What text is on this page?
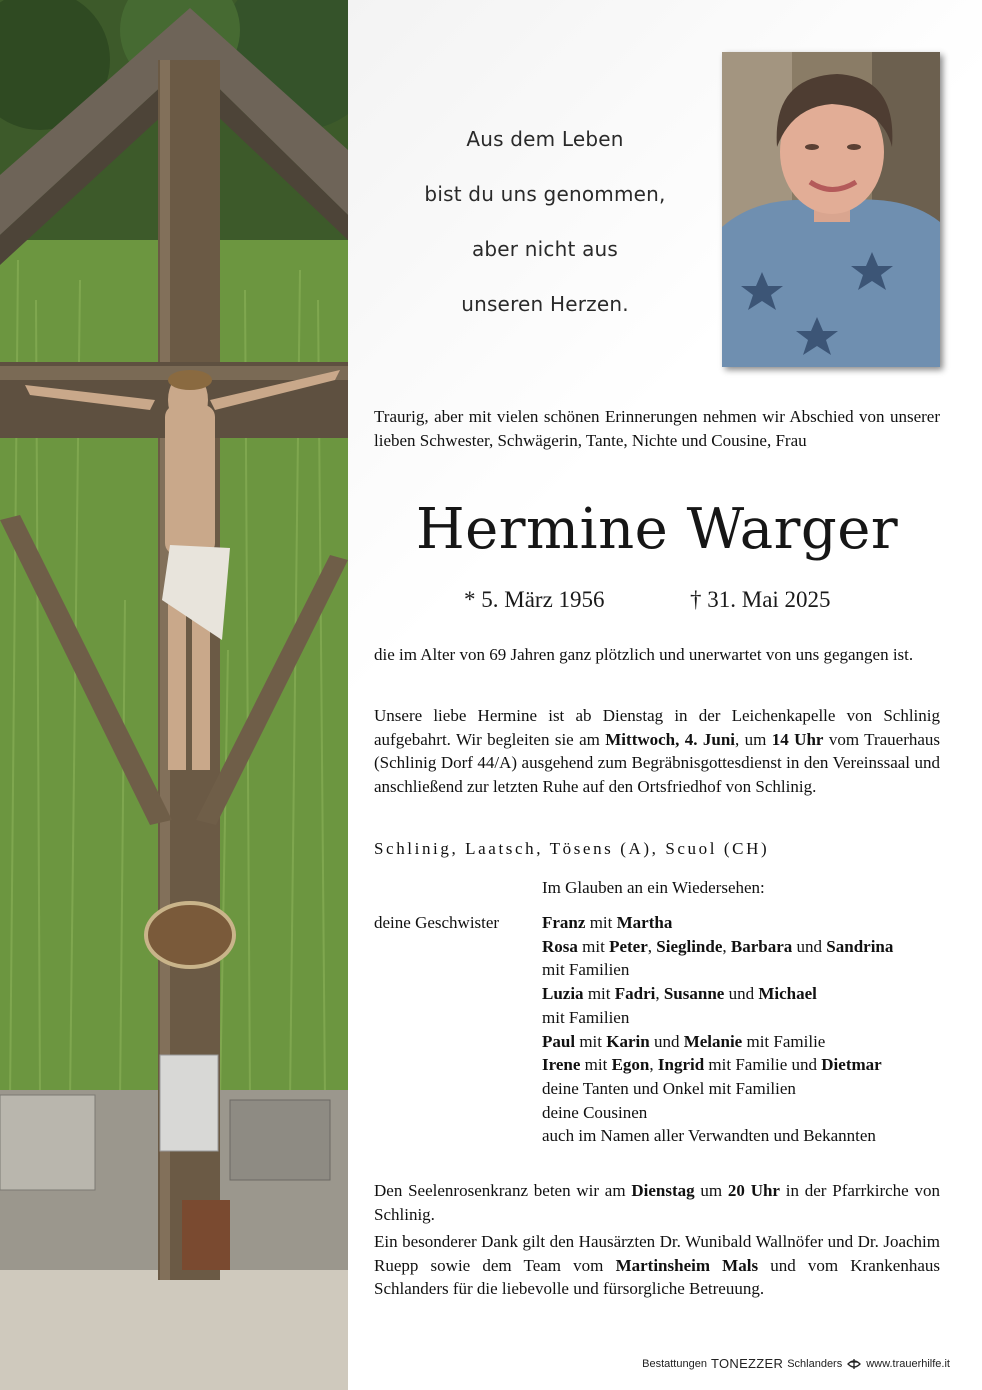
Aus dem Leben
bist du uns genommen,
aber nicht aus
unseren Herzen.
Traurig, aber mit vielen schönen Erinnerungen nehmen wir Abschied von unserer lieben Schwester, Schwägerin, Tante, Nichte und Cousine, Frau
Hermine Warger
* 5. März 1956	† 31. Mai 2025
die im Alter von 69 Jahren ganz plötzlich und unerwartet von uns gegangen ist.
Unsere liebe Hermine ist ab Dienstag in der Leichenkapelle von Schlinig aufgebahrt. Wir begleiten sie am Mittwoch, 4. Juni, um 14 Uhr vom Trauerhaus (Schlinig Dorf 44/A) ausgehend zum Begräbnisgottesdienst in den Vereinssaal und anschließend zur letzten Ruhe auf den Ortsfriedhof von Schlinig.
Schlinig, Laatsch, Tösens (A), Scuol (CH)
Im Glauben an ein Wiedersehen:
deine Geschwister	Franz mit Martha
Rosa mit Peter, Sieglinde, Barbara und Sandrina
mit Familien
Luzia mit Fadri, Susanne und Michael
mit Familien
Paul mit Karin und Melanie mit Familie
Irene mit Egon, Ingrid mit Familie und Dietmar
deine Tanten und Onkel mit Familien
deine Cousinen
auch im Namen aller Verwandten und Bekannten
Den Seelenrosenkranz beten wir am Dienstag um 20 Uhr in der Pfarrkirche von Schlinig.
Ein besonderer Dank gilt den Hausärzten Dr. Wunibald Wallnöfer und Dr. Joachim Ruepp sowie dem Team vom Martinsheim Mals und vom Krankenhaus Schlanders für die liebevolle und fürsorgliche Betreuung.
Bestattungen TONEZZER Schlanders www.trauerhilfe.it
